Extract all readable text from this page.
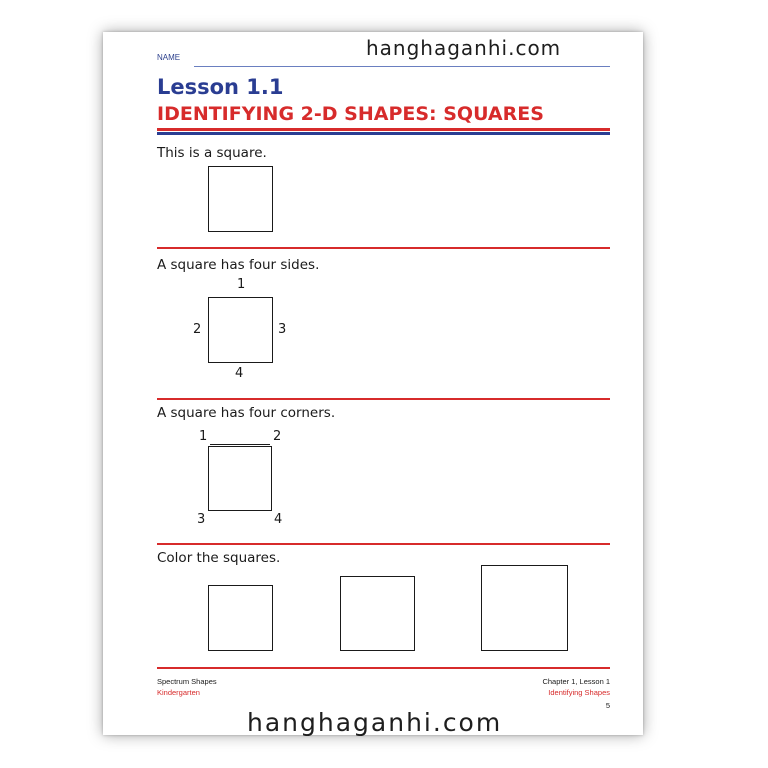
NAME
Lesson 1.1
IDENTIFYING 2-D SHAPES: SQUARES
This is a square.
A square has four sides.
1
2	3
4
A square has four corners.
1	2
3	4
Color the squares.
Spectrum Shapes
Kindergarten
Chapter 1, Lesson 1
Identifying Shapes
5
hanghaganhi.com
hanghaganhi.com
